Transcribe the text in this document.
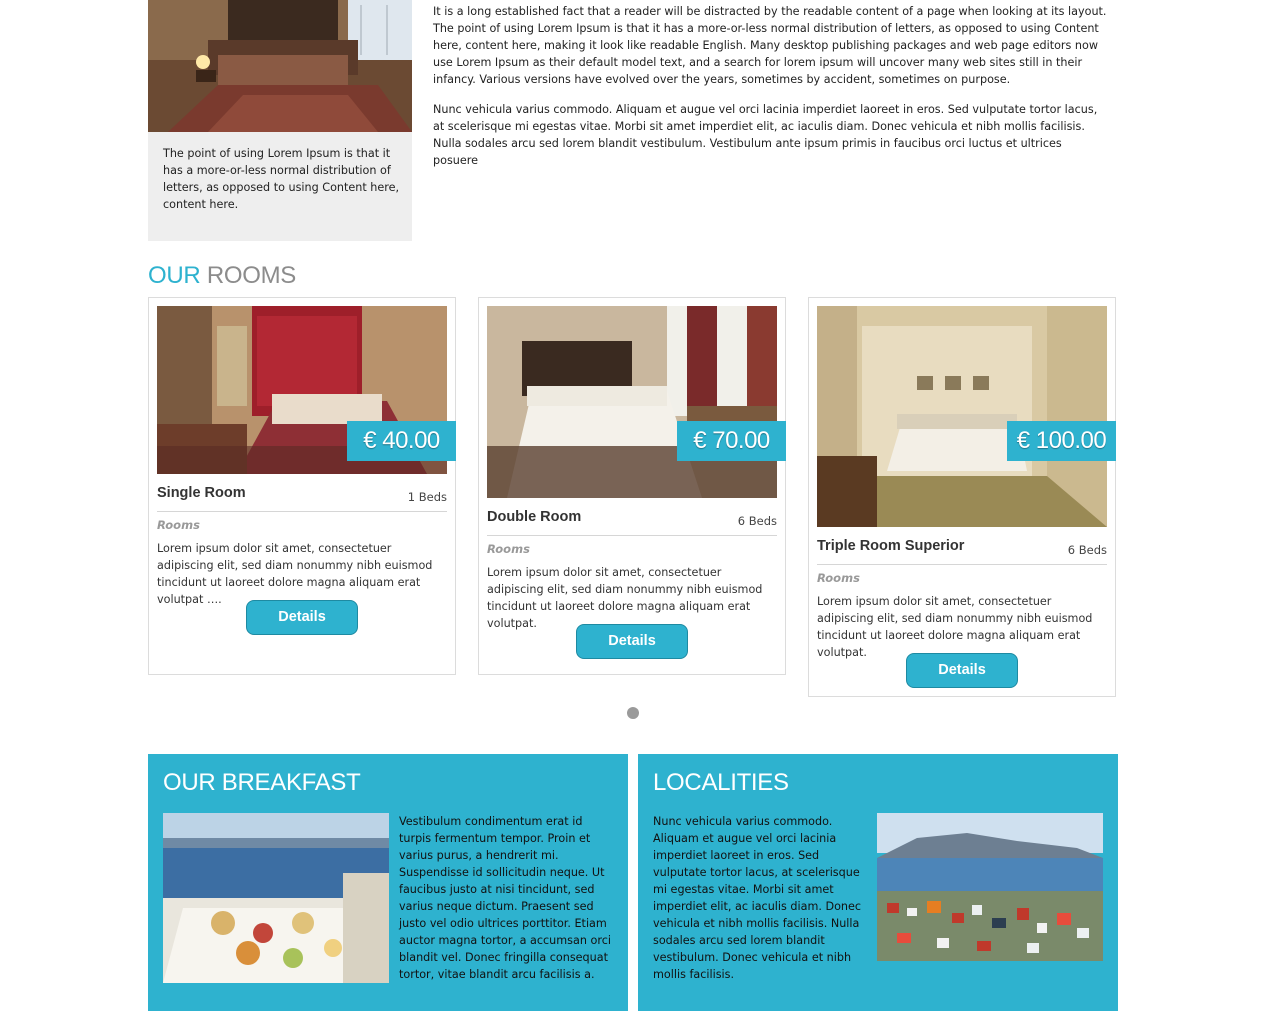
The point of using Lorem Ipsum is that it has a more-or-less normal distribution of letters, as opposed to using Content here, content here.

It is a long established fact that a reader will be distracted by the readable content of a page when looking at its layout. The point of using Lorem Ipsum is that it has a more-or-less normal distribution of letters, as opposed to using Content here, content here, making it look like readable English. Many desktop publishing packages and web page editors now use Lorem Ipsum as their default model text, and a search for lorem ipsum will uncover many web sites still in their infancy. Various versions have evolved over the years, sometimes by accident, sometimes on purpose.

Nunc vehicula varius commodo. Aliquam et augue vel orci lacinia imperdiet laoreet in eros. Sed vulputate tortor lacus, at scelerisque mi egestas vitae. Morbi sit amet imperdiet elit, ac iaculis diam. Donec vehicula et nibh mollis facilisis. Nulla sodales arcu sed lorem blandit vestibulum. Vestibulum ante ipsum primis in faucibus orci luctus et ultrices posuere

OUR ROOMS
€ 40.00
Single Room	1 Beds
Rooms
Lorem ipsum dolor sit amet, consectetuer adipiscing elit, sed diam nonummy nibh euismod tincidunt ut laoreet dolore magna aliquam erat volutpat ….
Details
€ 70.00
Double Room	6 Beds
Rooms
Lorem ipsum dolor sit amet, consectetuer adipiscing elit, sed diam nonummy nibh euismod tincidunt ut laoreet dolore magna aliquam erat volutpat.
Details
€ 100.00
Triple Room Superior	6 Beds
Rooms
Lorem ipsum dolor sit amet, consectetuer adipiscing elit, sed diam nonummy nibh euismod tincidunt ut laoreet dolore magna aliquam erat volutpat.
Details
OUR BREAKFAST
Vestibulum condimentum erat id turpis fermentum tempor. Proin et varius purus, a hendrerit mi. Suspendisse id sollicitudin neque. Ut faucibus justo at nisi tincidunt, sed varius neque dictum. Praesent sed justo vel odio ultrices porttitor. Etiam auctor magna tortor, a accumsan orci blandit vel. Donec fringilla consequat tortor, vitae blandit arcu facilisis a.
LOCALITIES
Nunc vehicula varius commodo. Aliquam et augue vel orci lacinia imperdiet laoreet in eros. Sed vulputate tortor lacus, at scelerisque mi egestas vitae. Morbi sit amet imperdiet elit, ac iaculis diam. Donec vehicula et nibh mollis facilisis. Nulla sodales arcu sed lorem blandit vestibulum. Donec vehicula et nibh mollis facilisis.
